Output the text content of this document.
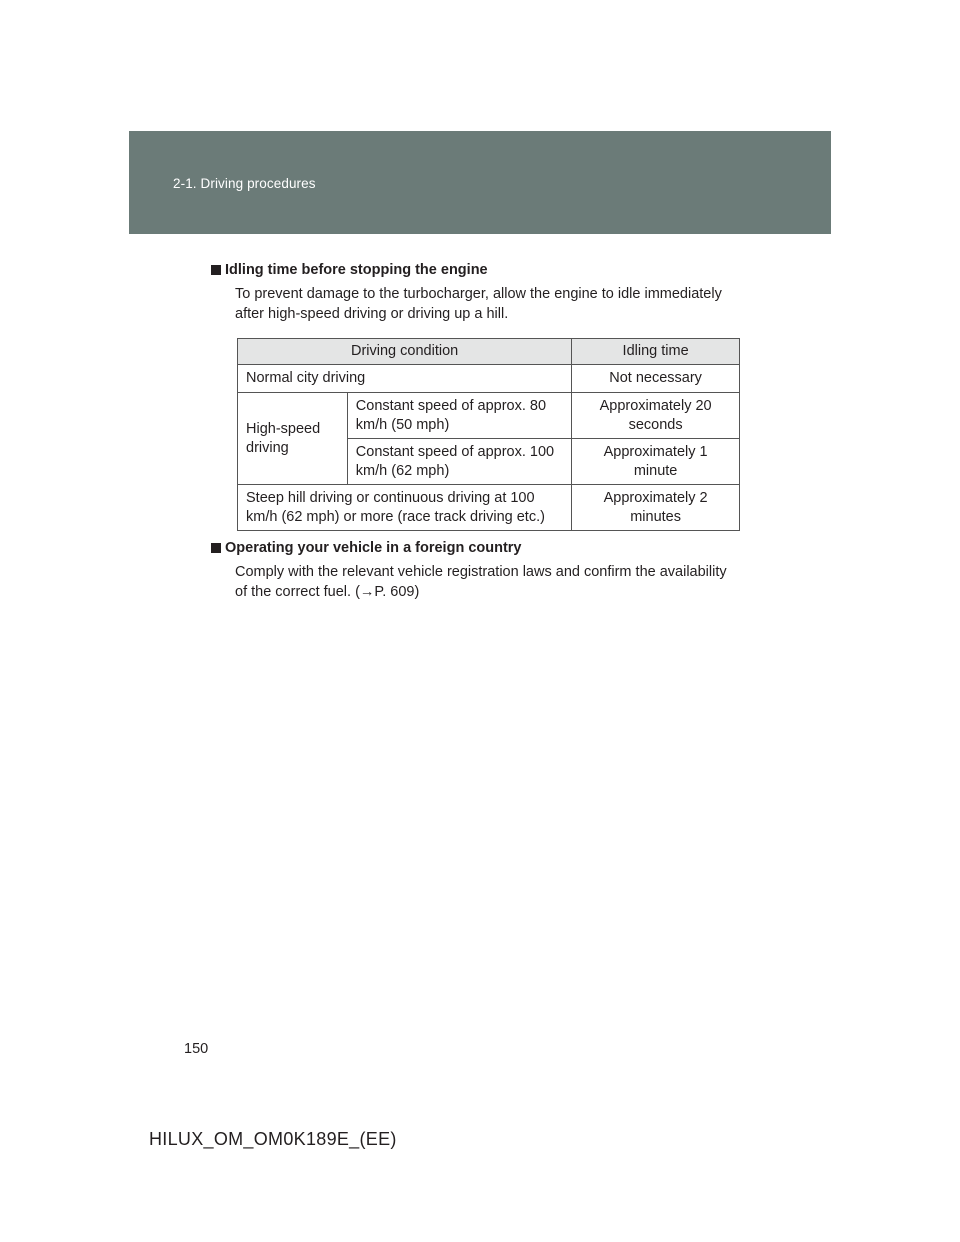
2-1. Driving procedures

Idling time before stopping the engine

To prevent damage to the turbocharger, allow the engine to idle immediately
after high-speed driving or driving up a hill.

Driving condition		Idling time
Normal city driving		Not necessary
High-speed driving	Constant speed of approx. 80 km/h (50 mph)	Approximately 20 seconds
	Constant speed of approx. 100 km/h (62 mph)	Approximately 1 minute
Steep hill driving or continuous driving at 100 km/h (62 mph) or more (race track driving etc.)		Approximately 2 minutes

Operating your vehicle in a foreign country

Comply with the relevant vehicle registration laws and confirm the availability
of the correct fuel. (→P. 609)

150
HILUX_OM_OM0K189E_(EE)
